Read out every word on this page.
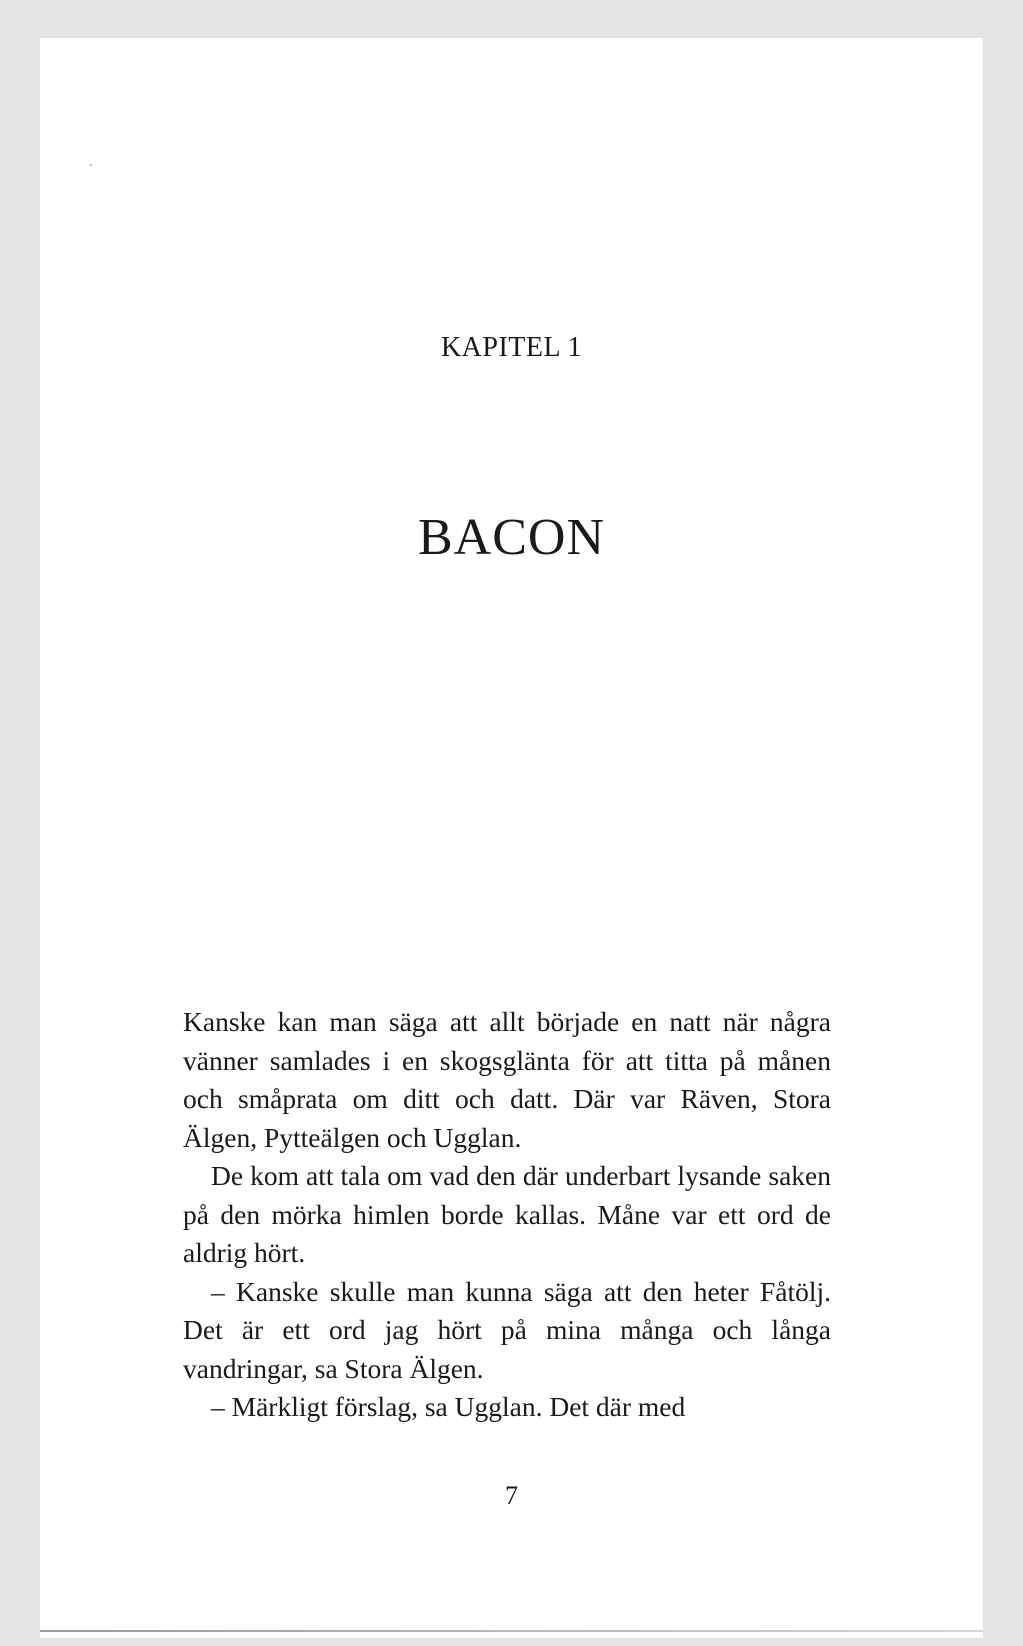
KAPITEL 1
BACON

Kanske kan man säga att allt började en natt när några vänner samlades i en skogsglänta för att titta på månen och småprata om ditt och datt. Där var Räven, Stora Älgen, Pytteälgen och Ugglan.

De kom att tala om vad den där underbart lysande saken på den mörka himlen borde kallas. Måne var ett ord de aldrig hört.

– Kanske skulle man kunna säga att den heter Fåtölj. Det är ett ord jag hört på mina många och långa vandringar, sa Stora Älgen.

– Märkligt förslag, sa Ugglan. Det där med

7
